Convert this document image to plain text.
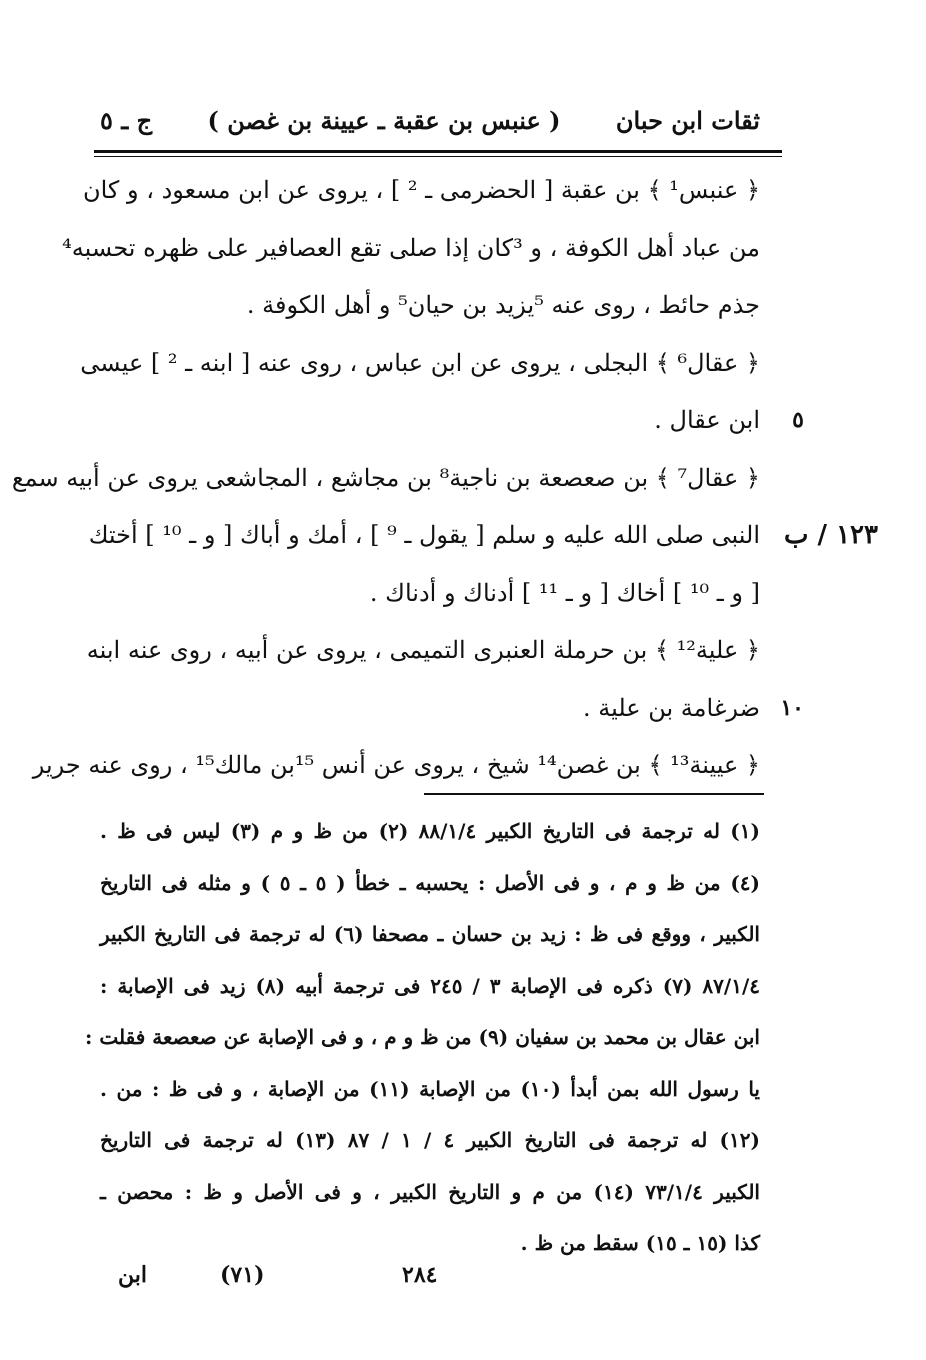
ثقات ابن حبان
( عنبس بن عقبة ـ عيينة بن غصن )
ج ـ ٥
١٢٣ / ب
﴿ عنبس¹ ﴾ بن عقبة [ الحضرمى ـ ² ] ، يروى عن ابن مسعود ، و كان
من عباد أهل الكوفة ، و ³كان إذا صلى تقع العصافير على ظهره تحسبه⁴
جذم حائط ، روى عنه ⁵يزيد بن حيان⁵ و أهل الكوفة .
﴿ عقال⁶ ﴾ البجلى ، يروى عن ابن عباس ، روى عنه [ ابنه ـ ² ] عيسى
٥
ابن عقال .
﴿ عقال⁷ ﴾ بن صعصعة بن ناجية⁸ بن مجاشع ، المجاشعى يروى عن أبيه سمع
النبى صلى الله عليه و سلم [ يقول ـ ⁹ ] ، أمك و أباك [ و ـ ¹⁰ ] أختك
[ و ـ ¹⁰ ] أخاك [ و ـ ¹¹ ] أدناك و أدناك .
﴿ علية¹² ﴾ بن حرملة العنبرى التميمى ، يروى عن أبيه ، روى عنه ابنه
١٠
ضرغامة بن علية .
﴿ عيينة¹³ ﴾ بن غصن¹⁴ شيخ ، يروى عن أنس ¹⁵بن مالك¹⁵ ، روى عنه جرير
(١) له ترجمة فى التاريخ الكبير ٨٨/١/٤ (٢) من ظ و م (٣) ليس فى ظ .
(٤) من ظ و م ، و فى الأصل : يحسبه ـ خطأ ( ٥ ـ ٥ ) و مثله فى التاريخ
الكبير ، ووقع فى ظ : زيد بن حسان ـ مصحفا (٦) له ترجمة فى التاريخ الكبير
٨٧/١/٤ (٧) ذكره فى الإصابة ٣ / ٢٤٥ فى ترجمة أبيه (٨) زيد فى الإصابة :
ابن عقال بن محمد بن سفيان (٩) من ظ و م ، و فى الإصابة عن صعصعة فقلت :
يا رسول الله بمن أبدأ (١٠) من الإصابة (١١) من الإصابة ، و فى ظ : من .
(١٢) له ترجمة فى التاريخ الكبير ٤ / ١ / ٨٧ (١٣) له ترجمة فى التاريخ
الكبير ٧٣/١/٤ (١٤) من م و التاريخ الكبير ، و فى الأصل و ظ : محصن ـ
كذا (١٥ ـ ١٥) سقط من ظ .
ابن	(٧١)	٢٨٤
